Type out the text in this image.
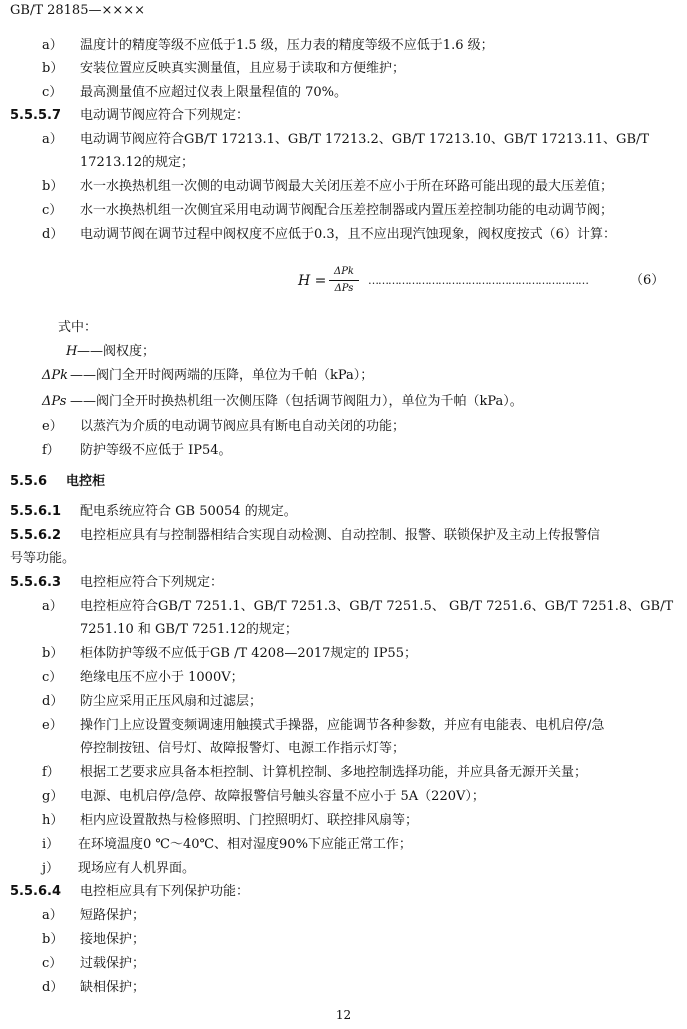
GB/T 28185—××××
a） 温度计的精度等级不应低于1.5 级，压力表的精度等级不应低于1.6 级；
b） 安装位置应反映真实测量值，且应易于读取和方便维护；
c） 最高测量值不应超过仪表上限量程值的 70%。
5.5.5.7 电动调节阀应符合下列规定：
a） 电动调节阀应符合GB/T 17213.1、GB/T 17213.2、GB/T 17213.10、GB/T 17213.11、GB/T
17213.12的规定；
b） 水一水换热机组一次侧的电动调节阀最大关闭压差不应小于所在环路可能出现的最大压差值；
c） 水一水换热机组一次侧宜采用电动调节阀配合压差控制器或内置压差控制功能的电动调节阀；
d） 电动调节阀在调节过程中阀权度不应低于0.3，且不应出现汽蚀现象，阀权度按式（6）计算：
H =
ΔPk
ΔPs
…………………………………………………………	（6）
式中：
H ——阀权度；
ΔPk ——阀门全开时阀两端的压降，单位为千帕（kPa）；
ΔPs ——阀门全开时换热机组一次侧压降（包括调节阀阻力），单位为千帕（kPa）。
e） 以蒸汽为介质的电动调节阀应具有断电自动关闭的功能；
f） 防护等级不应低于 IP54。
5.5.6 电控柜
5.5.6.1 配电系统应符合 GB 50054 的规定。
5.5.6.2 电控柜应具有与控制器相结合实现自动检测、自动控制、报警、联锁保护及主动上传报警信
号等功能。
5.5.6.3 电控柜应符合下列规定：
a） 电控柜应符合GB/T 7251.1、GB/T 7251.3、GB/T 7251.5、 GB/T 7251.6、GB/T 7251.8、GB/T
7251.10 和 GB/T 7251.12的规定；
b） 柜体防护等级不应低于GB /T 4208—2017规定的 IP55；
c） 绝缘电压不应小于 1000V；
d） 防尘应采用正压风扇和过滤层；
e） 操作门上应设置变频调速用触摸式手操器，应能调节各种参数，并应有电能表、电机启停/急
停控制按钮、信号灯、故障报警灯、电源工作指示灯等；
f） 根据工艺要求应具备本柜控制、计算机控制、多地控制选择功能，并应具备无源开关量；
g） 电源、电机启停/急停、故障报警信号触头容量不应小于 5A（220V）；
h） 柜内应设置散热与检修照明、门控照明灯、联控排风扇等；
i） 在环境温度0 ℃～40℃、相对湿度90%下应能正常工作；
j） 现场应有人机界面。
5.5.6.4 电控柜应具有下列保护功能：
a） 短路保护；
b） 接地保护；
c） 过载保护；
d） 缺相保护；
12
